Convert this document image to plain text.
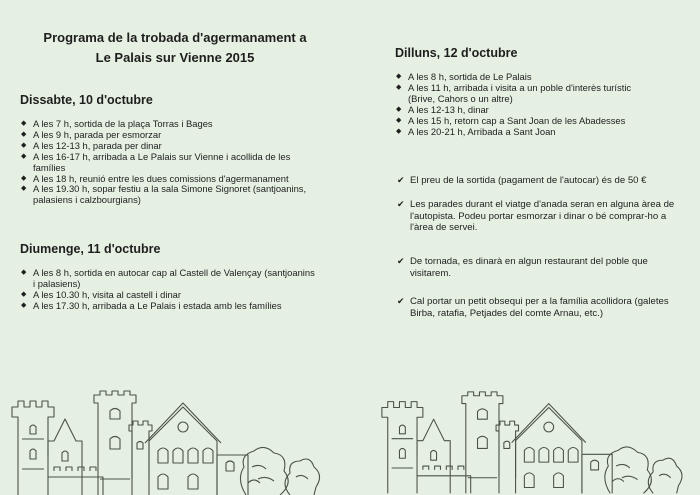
Programa de la trobada d'agermanament a
Le Palais sur Vienne 2015
Dissabte, 10 d'octubre
◆ A les 7 h, sortida de la plaça Torras i Bages
◆ A les 9 h, parada per esmorzar
◆ A les 12-13 h, parada per dinar
◆ A les 16-17 h, arribada a Le Palais sur Vienne i acollida de les famílies
◆ A les 18 h, reunió entre les dues comissions d'agermanament
◆ A les 19.30 h, sopar festiu a la sala Simone Signoret (santjoanins, palasiens i calzbourgians)
Diumenge, 11 d'octubre
◆ A les 8 h, sortida en autocar cap al Castell de Valençay (santjoanins i palasiens)
◆ A les 10.30 h, visita al castell i dinar
◆ A les 17.30 h, arribada a Le Palais i estada amb les famílies
Dilluns, 12 d'octubre
◆ A les 8 h, sortida de Le Palais
◆ A les 11 h, arribada i visita a un poble d'interès turístic (Brive, Cahors o un altre)
◆ A les 12-13 h, dinar
◆ A les 15 h, retorn cap a Sant Joan de les Abadesses
◆ A les 20-21 h, Arribada a Sant Joan

✔ El preu de la sortida (pagament de l'autocar) és de 50 €

✔ Les parades durant el viatge d'anada seran en alguna àrea de l'autopista. Podeu portar esmorzar i dinar o bé comprar-ho a l'àrea de servei.

✔ De tornada, es dinarà en algun restaurant del poble que visitarem.

✔ Cal portar un petit obsequi per a la família acollidora (galetes Birba, ratafia, Petjades del comte Arnau, etc.)
